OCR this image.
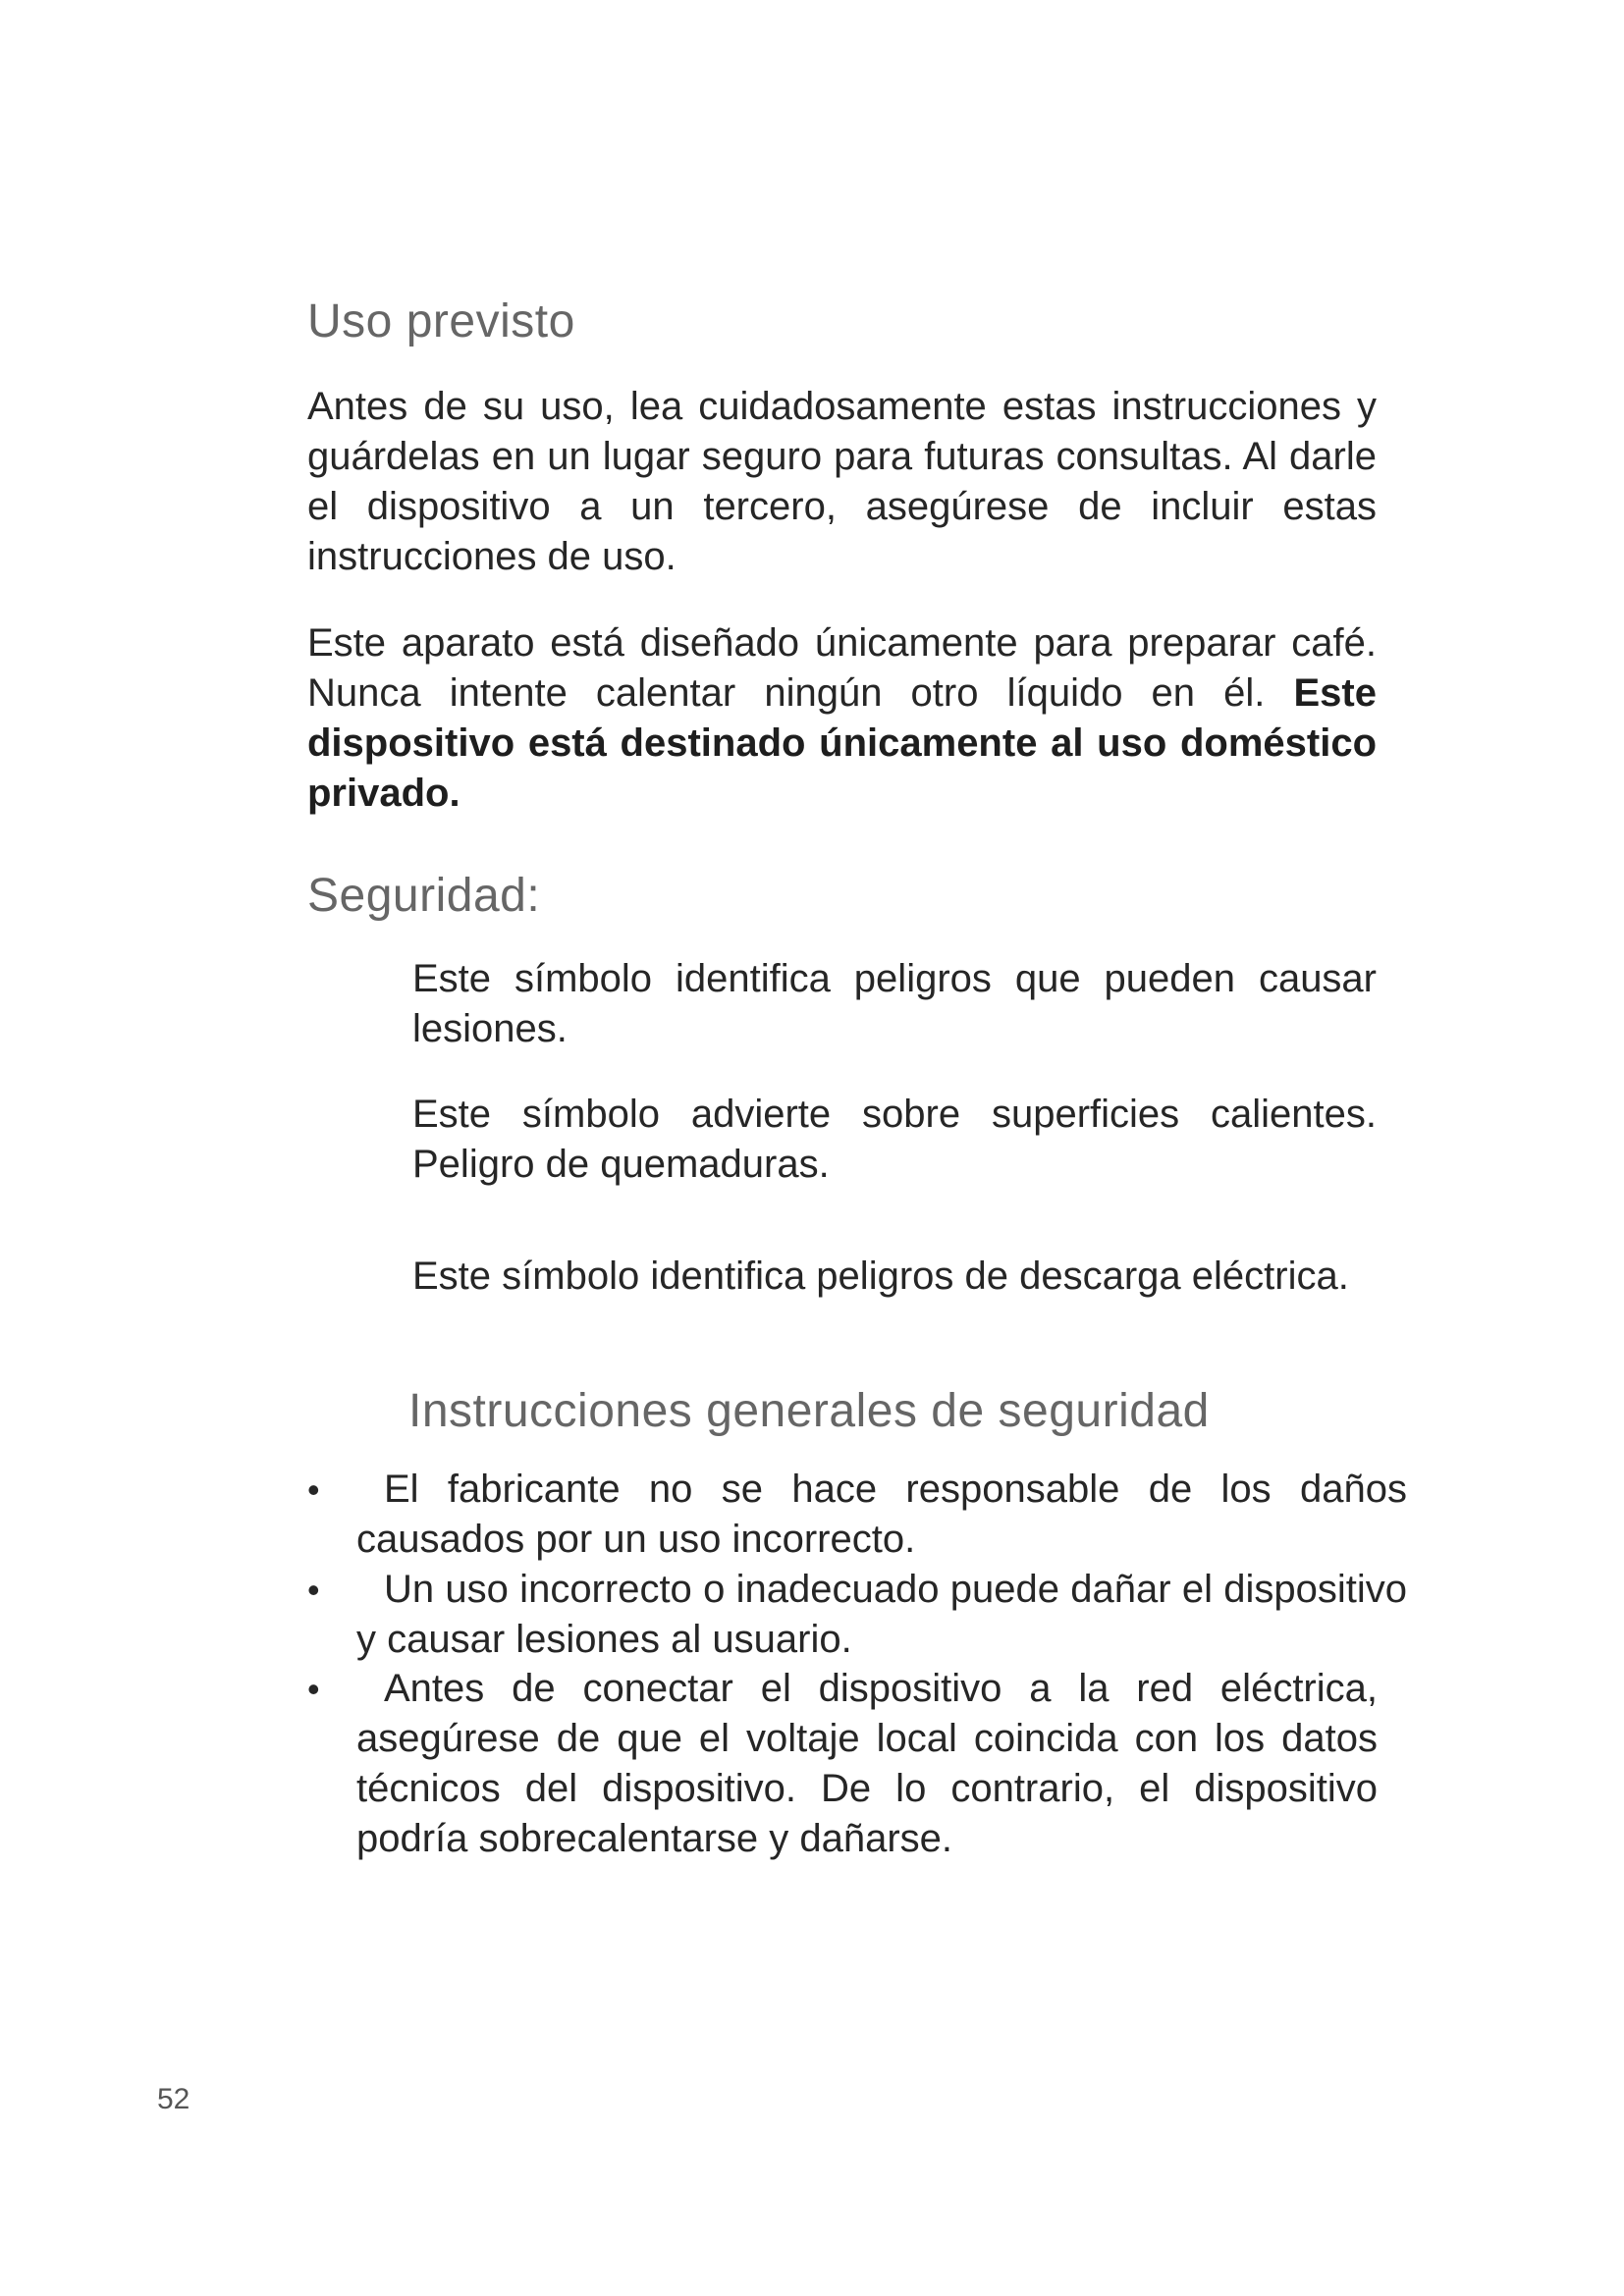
Uso previsto

Antes de su uso, lea cuidadosamente estas instrucciones y guárdelas en un lugar seguro para futuras consultas. Al darle el dispositivo a un tercero, asegúrese de incluir estas instrucciones de uso.

Este aparato está diseñado únicamente para preparar café. Nunca intente calentar ningún otro líquido en él. Este dispositivo está destinado únicamente al uso doméstico privado.

Seguridad:

Este símbolo identifica peligros que pueden causar lesiones.

Este símbolo advierte sobre superficies calientes. Peligro de quemaduras.

Este símbolo identifica peligros de descarga eléctrica.

Instrucciones generales de seguridad
•	El fabricante no se hace responsable de los daños causados por un uso incorrecto.

•	Un uso incorrecto o inadecuado puede dañar el dispositivo y causar lesiones al usuario.

•	Antes de conectar el dispositivo a la red eléctrica, asegúrese de que el voltaje local coincida con los datos técnicos del dispositivo. De lo contrario, el dispositivo podría sobrecalentarse y dañarse.

52
